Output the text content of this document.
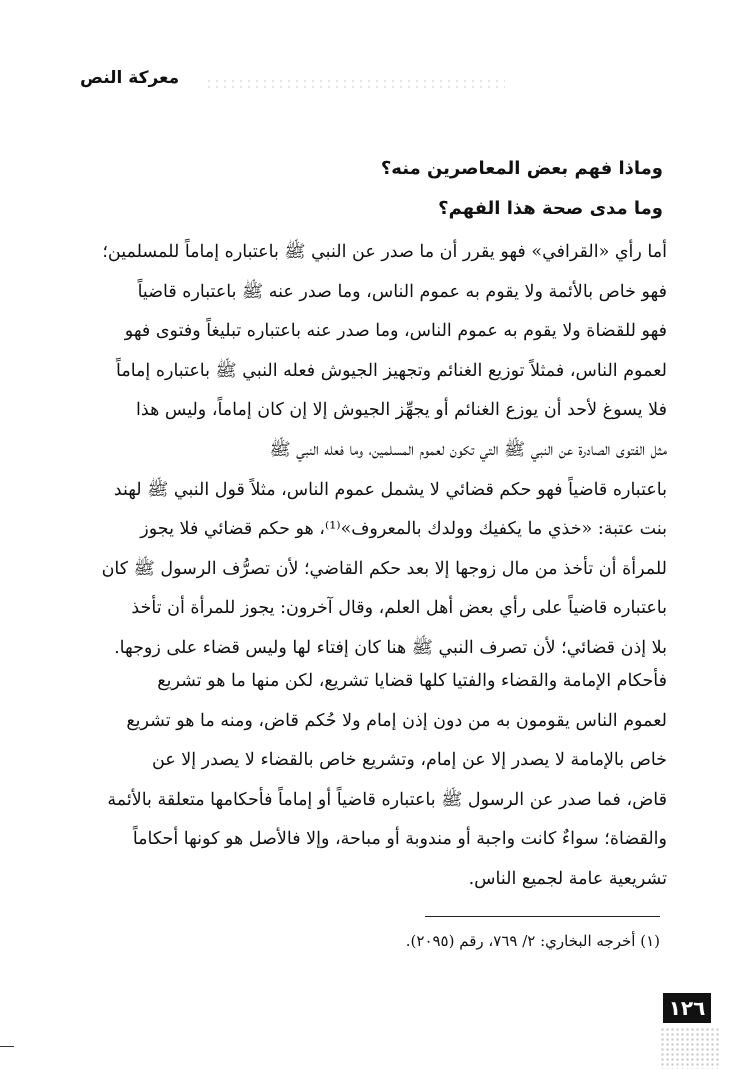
معركة النص
وماذا فهم بعض المعاصرين منه؟
وما مدى صحة هذا الفهم؟
أما رأي «القرافي» فهو يقرر أن ما صدر عن النبي ﷺ باعتباره إماماً للمسلمين؛
فهو خاص بالأئمة ولا يقوم به عموم الناس، وما صدر عنه ﷺ باعتباره قاضياً
فهو للقضاة ولا يقوم به عموم الناس، وما صدر عنه باعتباره تبليغاً وفتوى فهو
لعموم الناس، فمثلاً توزيع الغنائم وتجهيز الجيوش فعله النبي ﷺ باعتباره إماماً
فلا يسوغ لأحد أن يوزع الغنائم أو يجهِّز الجيوش إلا إن كان إماماً، وليس هذا
مثل الفتوى الصادرة عن النبي ﷺ التي تكون لعموم المسلمين، وما فعله النبي ﷺ
باعتباره قاضياً فهو حكم قضائي لا يشمل عموم الناس، مثلاً قول النبي ﷺ لهند
بنت عتبة: «خذي ما يكفيك وولدك بالمعروف»⁽¹⁾، هو حكم قضائي فلا يجوز
للمرأة أن تأخذ من مال زوجها إلا بعد حكم القاضي؛ لأن تصرُّف الرسول ﷺ كان
باعتباره قاضياً على رأي بعض أهل العلم، وقال آخرون: يجوز للمرأة أن تأخذ
بلا إذن قضائي؛ لأن تصرف النبي ﷺ هنا كان إفتاء لها وليس قضاء على زوجها.
فأحكام الإمامة والقضاء والفتيا كلها قضايا تشريع، لكن منها ما هو تشريع
لعموم الناس يقومون به من دون إذن إمام ولا حُكم قاض، ومنه ما هو تشريع
خاص بالإمامة لا يصدر إلا عن إمام، وتشريع خاص بالقضاء لا يصدر إلا عن
قاض، فما صدر عن الرسول ﷺ باعتباره قاضياً أو إماماً فأحكامها متعلقة بالأئمة
والقضاة؛ سواءٌ كانت واجبة أو مندوبة أو مباحة، وإلا فالأصل هو كونها أحكاماً
تشريعية عامة لجميع الناس.
(١) أخرجه البخاري: ٢/ ٧٦٩، رقم (٢٠٩٥).
١٢٦
